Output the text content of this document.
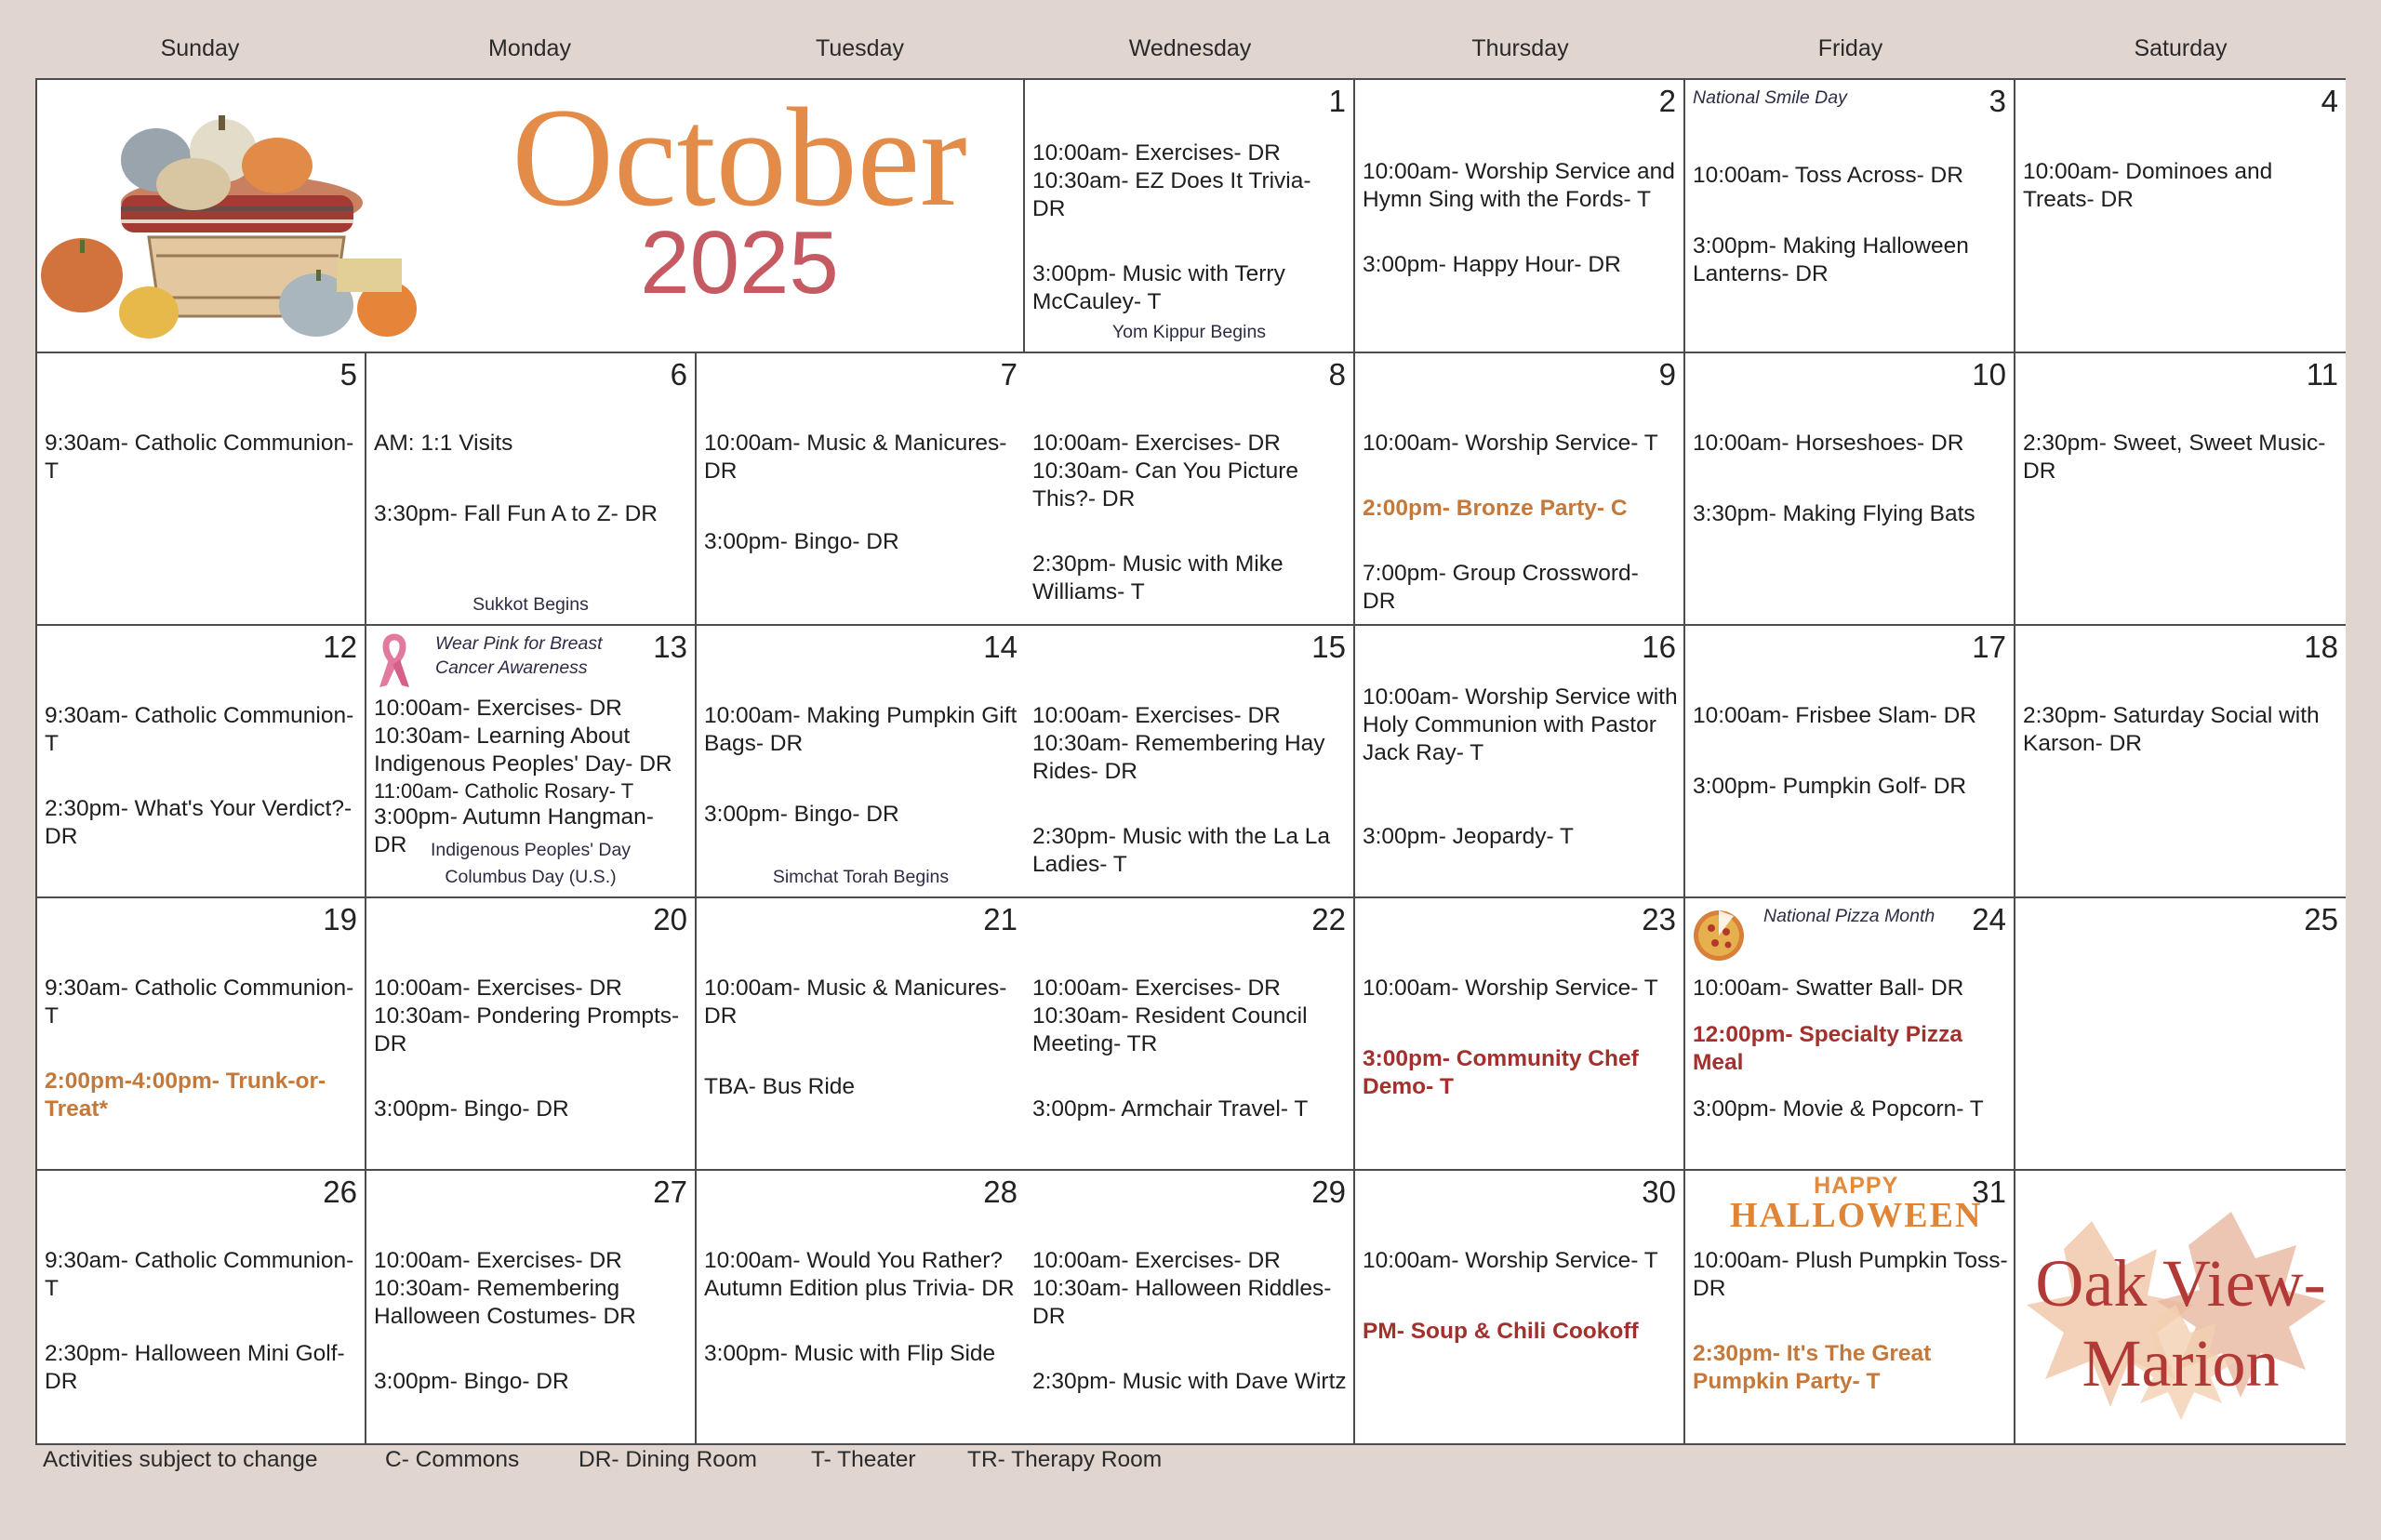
Sunday	Monday	Tuesday	Wednesday	Thursday	Friday	Saturday
October
2025
1
10:00am- Exercises- DR
10:30am- EZ Does It Trivia- DR
3:00pm- Music with Terry McCauley- T
Yom Kippur Begins
2
10:00am- Worship Service and Hymn Sing with the Fords- T
3:00pm- Happy Hour- DR
National Smile Day	3
10:00am- Toss Across- DR
3:00pm- Making Halloween Lanterns- DR
4
10:00am- Dominoes and Treats- DR
5
9:30am- Catholic Communion- T
6
AM: 1:1 Visits
3:30pm- Fall Fun A to Z- DR
Sukkot Begins
7
10:00am- Music & Manicures- DR
3:00pm- Bingo- DR
8
10:00am- Exercises- DR
10:30am- Can You Picture This?- DR
2:30pm- Music with Mike Williams- T
9
10:00am- Worship Service- T
2:00pm- Bronze Party- C
7:00pm- Group Crossword- DR
10
10:00am- Horseshoes- DR
3:30pm- Making Flying Bats
11
2:30pm- Sweet, Sweet Music- DR
12
9:30am- Catholic Communion- T
2:30pm- What's Your Verdict?- DR
Wear Pink for Breast Cancer Awareness
13
10:00am- Exercises- DR
10:30am- Learning About Indigenous Peoples' Day- DR
11:00am- Catholic Rosary- T
3:00pm- Autumn Hangman- DR	Indigenous Peoples' Day
Columbus Day (U.S.)
14
10:00am- Making Pumpkin Gift Bags- DR
3:00pm- Bingo- DR
Simchat Torah Begins
15
10:00am- Exercises- DR
10:30am- Remembering Hay Rides- DR
2:30pm- Music with the La La Ladies- T
16
10:00am- Worship Service with Holy Communion with Pastor Jack Ray- T
3:00pm- Jeopardy- T
17
10:00am- Frisbee Slam- DR
3:00pm- Pumpkin Golf- DR
18
2:30pm- Saturday Social with Karson- DR
19
9:30am- Catholic Communion- T
2:00pm-4:00pm- Trunk-or-Treat*
20
10:00am- Exercises- DR
10:30am- Pondering Prompts- DR
3:00pm- Bingo- DR
21
10:00am- Music & Manicures- DR
TBA- Bus Ride
22
10:00am- Exercises- DR
10:30am- Resident Council Meeting- TR
3:00pm- Armchair Travel- T
23
10:00am- Worship Service- T
3:00pm- Community Chef Demo- T
National Pizza Month 24
10:00am- Swatter Ball- DR
12:00pm- Specialty Pizza Meal
3:00pm- Movie & Popcorn- T
25
26
9:30am- Catholic Communion- T
2:30pm- Halloween Mini Golf- DR
27
10:00am- Exercises- DR
10:30am- Remembering Halloween Costumes- DR
3:00pm- Bingo- DR
28
10:00am- Would You Rather? Autumn Edition plus Trivia- DR
3:00pm- Music with Flip Side
29
10:00am- Exercises- DR
10:30am- Halloween Riddles- DR
2:30pm- Music with Dave Wirtz
30
10:00am- Worship Service- T
PM- Soup & Chili Cookoff
HAPPY
HALLOWEEN
31
10:00am- Plush Pumpkin Toss- DR
2:30pm- It's The Great Pumpkin Party- T
Oak View-
Marion
Activities subject to change	C- Commons	DR- Dining Room T- Theater TR- Therapy Room
